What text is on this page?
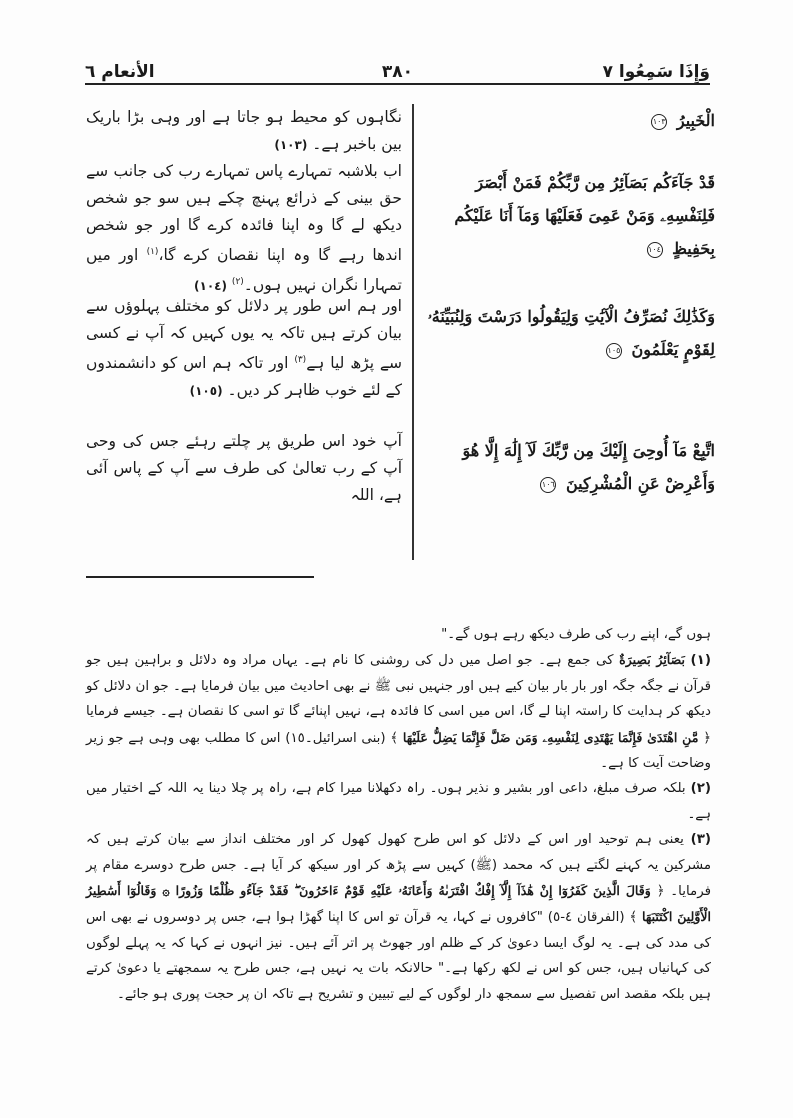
وَإِذَا سَمِعُوا ٧
٣٨٠
الأنعام ٦
الْخَبِيرُ ١٠٣
قَدْ جَآءَكُم بَصَآئِرُ مِن رَّبِّكُمْ فَمَنْ أَبْصَرَ فَلِنَفْسِهِۦ وَمَنْ عَمِىَ فَعَلَيْهَا وَمَآ أَنَا عَلَيْكُم بِحَفِيظٍ ١٠٤
وَكَذَٰلِكَ نُصَرِّفُ الْآيَٰتِ وَلِيَقُولُوا دَرَسْتَ وَلِنُبَيِّنَهُۥ لِقَوْمٍ يَعْلَمُونَ ١٠٥
اتَّبِعْ مَآ أُوحِىَ إِلَيْكَ مِن رَّبِّكَ لَآ إِلَٰهَ إِلَّا هُوَ وَأَعْرِضْ عَنِ الْمُشْرِكِينَ ١٠٦
نگاہوں کو محیط ہو جاتا ہے اور وہی بڑا باریک بین باخبر ہے۔ (١٠٣)
اب بلاشبہ تمہارے پاس تمہارے رب کی جانب سے حق بینی کے ذرائع پہنچ چکے ہیں سو جو شخص دیکھ لے گا وہ اپنا فائدہ کرے گا اور جو شخص اندھا رہے گا وہ اپنا نقصان کرے گا،$^{(١)}$ اور میں تمہارا نگران نہیں ہوں۔$^{(٢)}$ (١٠٤)
اور ہم اس طور پر دلائل کو مختلف پہلوؤں سے بیان کرتے ہیں تاکہ یہ یوں کہیں کہ آپ نے کسی سے پڑھ لیا ہے$^{(٣)}$ اور تاکہ ہم اس کو دانشمندوں کے لئے خوب ظاہر کر دیں۔ (١٠٥)
آپ خود اس طریق پر چلتے رہئے جس کی وحی آپ کے رب تعالیٰ کی طرف سے آپ کے پاس آئی ہے، اللہ

ہوں گے، اپنے رب کی طرف دیکھ رہے ہوں گے۔"

(١) بَصَآئِرُ بَصِيرَةٌ کی جمع ہے۔ جو اصل میں دل کی روشنی کا نام ہے۔ یہاں مراد وہ دلائل و براہین ہیں جو قرآن نے جگہ جگہ اور بار بار بیان کیے ہیں اور جنہیں نبی ﷺ نے بھی احادیث میں بیان فرمایا ہے۔ جو ان دلائل کو دیکھ کر ہدایت کا راستہ اپنا لے گا، اس میں اسی کا فائدہ ہے، نہیں اپنائے گا تو اسی کا نقصان ہے۔ جیسے فرمایا ﴿ مَّنِ اهْتَدَىٰ فَإِنَّمَا يَهْتَدِى لِنَفْسِهِۦ وَمَن ضَلَّ فَإِنَّمَا يَضِلُّ عَلَيْهَا ﴾ (بنی اسرائیل۔١٥) اس کا مطلب بھی وہی ہے جو زیر وضاحت آیت کا ہے۔

(٢) بلکہ صرف مبلغ، داعی اور بشیر و نذیر ہوں۔ راہ دکھلانا میرا کام ہے، راہ پر چلا دینا یہ اللہ کے اختیار میں ہے۔

(٣) یعنی ہم توحید اور اس کے دلائل کو اس طرح کھول کھول کر اور مختلف انداز سے بیان کرتے ہیں کہ مشرکین یہ کہنے لگتے ہیں کہ محمد (ﷺ) کہیں سے پڑھ کر اور سیکھ کر آیا ہے۔ جس طرح دوسرے مقام پر فرمایا۔ ﴿ وَقَالَ الَّذِينَ كَفَرُوٓا إِنْ هَٰذَآ إِلَّآ إِفْكٌ افْتَرَىٰهُ وَأَعَانَهُۥ عَلَيْهِ قَوْمٌ ءَاخَرُونَ ۖ فَقَدْ جَآءُو ظُلْمًا وَزُورًا ۞ وَقَالُوٓا أَسَٰطِيرُ الْأَوَّلِينَ اكْتَتَبَهَا ﴾ (الفرقان ٤-٥) "کافروں نے کہا، یہ قرآن تو اس کا اپنا گھڑا ہوا ہے، جس پر دوسروں نے بھی اس کی مدد کی ہے۔ یہ لوگ ایسا دعویٰ کر کے ظلم اور جھوٹ پر اتر آئے ہیں۔ نیز انہوں نے کہا کہ یہ پہلے لوگوں کی کہانیاں ہیں، جس کو اس نے لکھ رکھا ہے۔" حالانکہ بات یہ نہیں ہے، جس طرح یہ سمجھتے یا دعویٰ کرتے ہیں بلکہ مقصد اس تفصیل سے سمجھ دار لوگوں کے لیے تبیین و تشریح ہے تاکہ ان پر حجت پوری ہو جائے۔
